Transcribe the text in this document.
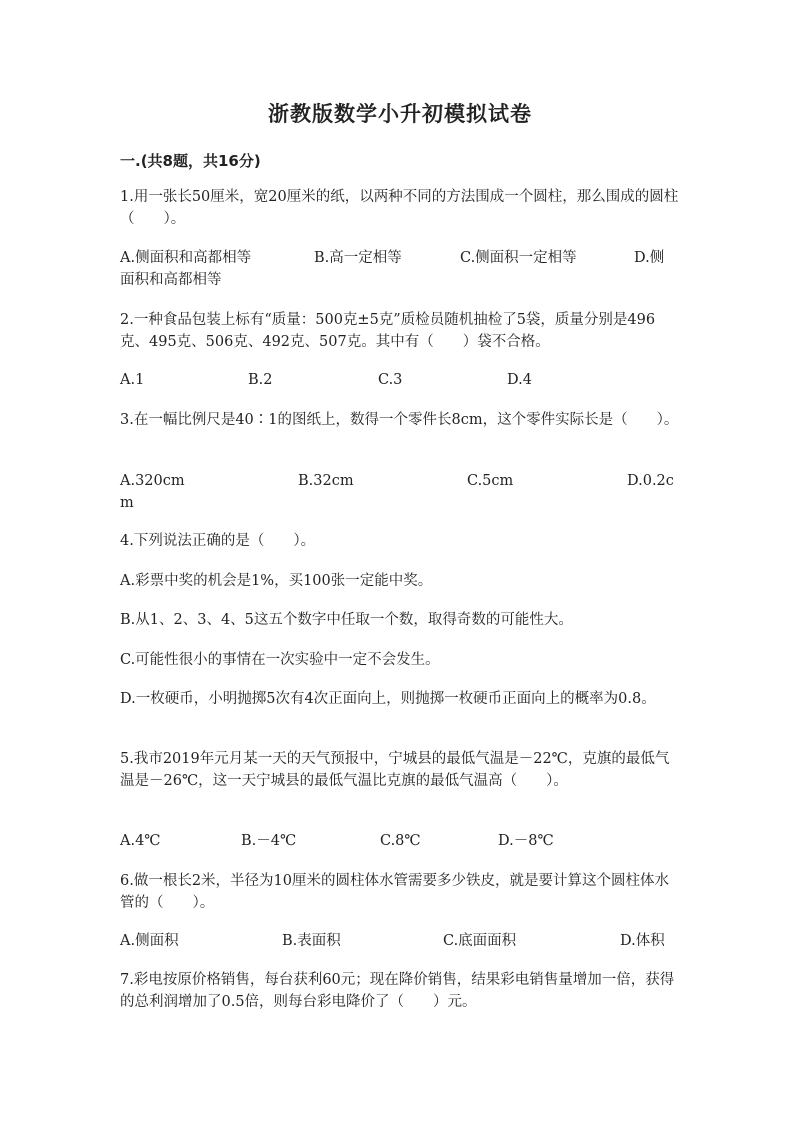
浙教版数学小升初模拟试卷
一.(共8题，共16分)
1.用一张长50厘米，宽20厘米的纸，以两种不同的方法围成一个圆柱，那么围成的圆柱（　　）。
A.侧面积和高都相等	B.高一定相等	C.侧面积一定相等	D.侧
面积和高都相等
2.一种食品包装上标有“质量：500克±5克”质检员随机抽检了5袋，质量分别是496克、495克、506克、492克、507克。其中有（　　）袋不合格。
A.1	B.2	C.3	D.4
3.在一幅比例尺是40∶1的图纸上，数得一个零件长8cm，这个零件实际长是（　　）。
A.320cm	B.32cm	C.5cm	D.0.2c
m
4.下列说法正确的是（　　）。
A.彩票中奖的机会是1%，买100张一定能中奖。
B.从1、2、3、4、5这五个数字中任取一个数，取得奇数的可能性大。
C.可能性很小的事情在一次实验中一定不会发生。
D.一枚硬币，小明抛掷5次有4次正面向上，则抛掷一枚硬币正面向上的概率为0.8。
5.我市2019年元月某一天的天气预报中，宁城县的最低气温是－22℃，克旗的最低气温是－26℃，这一天宁城县的最低气温比克旗的最低气温高（　　）。
A.4℃	B.－4℃	C.8℃	D.－8℃
6.做一根长2米，半径为10厘米的圆柱体水管需要多少铁皮，就是要计算这个圆柱体水管的（　　）。
A.侧面积	B.表面积	C.底面面积	D.体积
7.彩电按原价格销售，每台获利60元；现在降价销售，结果彩电销售量增加一倍，获得的总利润增加了0.5倍，则每台彩电降价了（　　）元。
